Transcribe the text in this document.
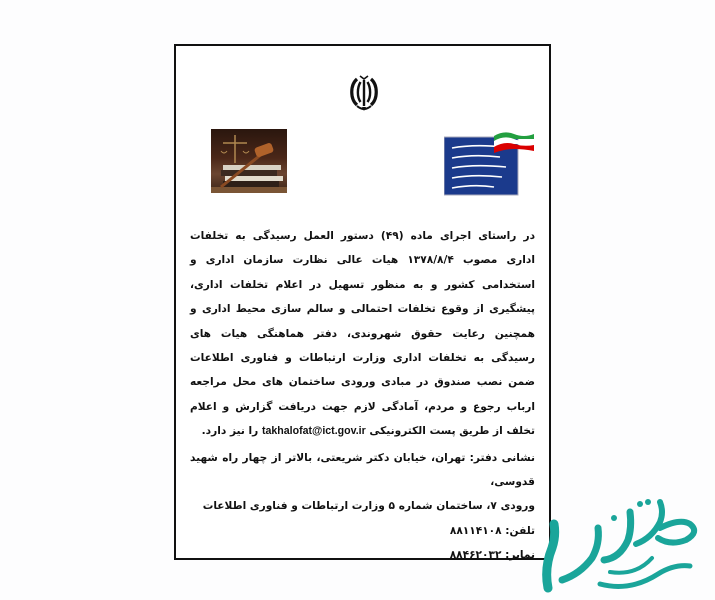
در راستای اجرای ماده (۴۹) دستور العمل رسیدگی به تخلفات اداری مصوب ۱۳۷۸/۸/۴ هیات عالی نظارت سازمان اداری و استخدامی کشور و به منظور تسهیل در اعلام تخلفات اداری، پیشگیری از وقوع تخلفات احتمالی و سالم سازی محیط اداری و همچنین رعایت حقوق شهروندی، دفتر هماهنگی هیات های رسیدگی به تخلفات اداری وزارت ارتباطات و فناوری اطلاعات ضمن نصب صندوق در مبادی ورودی ساختمان های محل مراجعه ارباب رجوع و مردم، آمادگی لازم جهت دریافت گزارش و اعلام تخلف از طریق پست الکترونیکی takhalofat@ict.gov.ir را نیز دارد.

نشانی دفتر: تهران، خیابان دکتر شریعتی، بالاتر از چهار راه شهید قدوسی،

ورودی ۷، ساختمان شماره ۵ وزارت ارتباطات و فناوری اطلاعات

تلفن: ۸۸۱۱۴۱۰۸

نمابر: ۸۸۴۶۲۰۳۲
